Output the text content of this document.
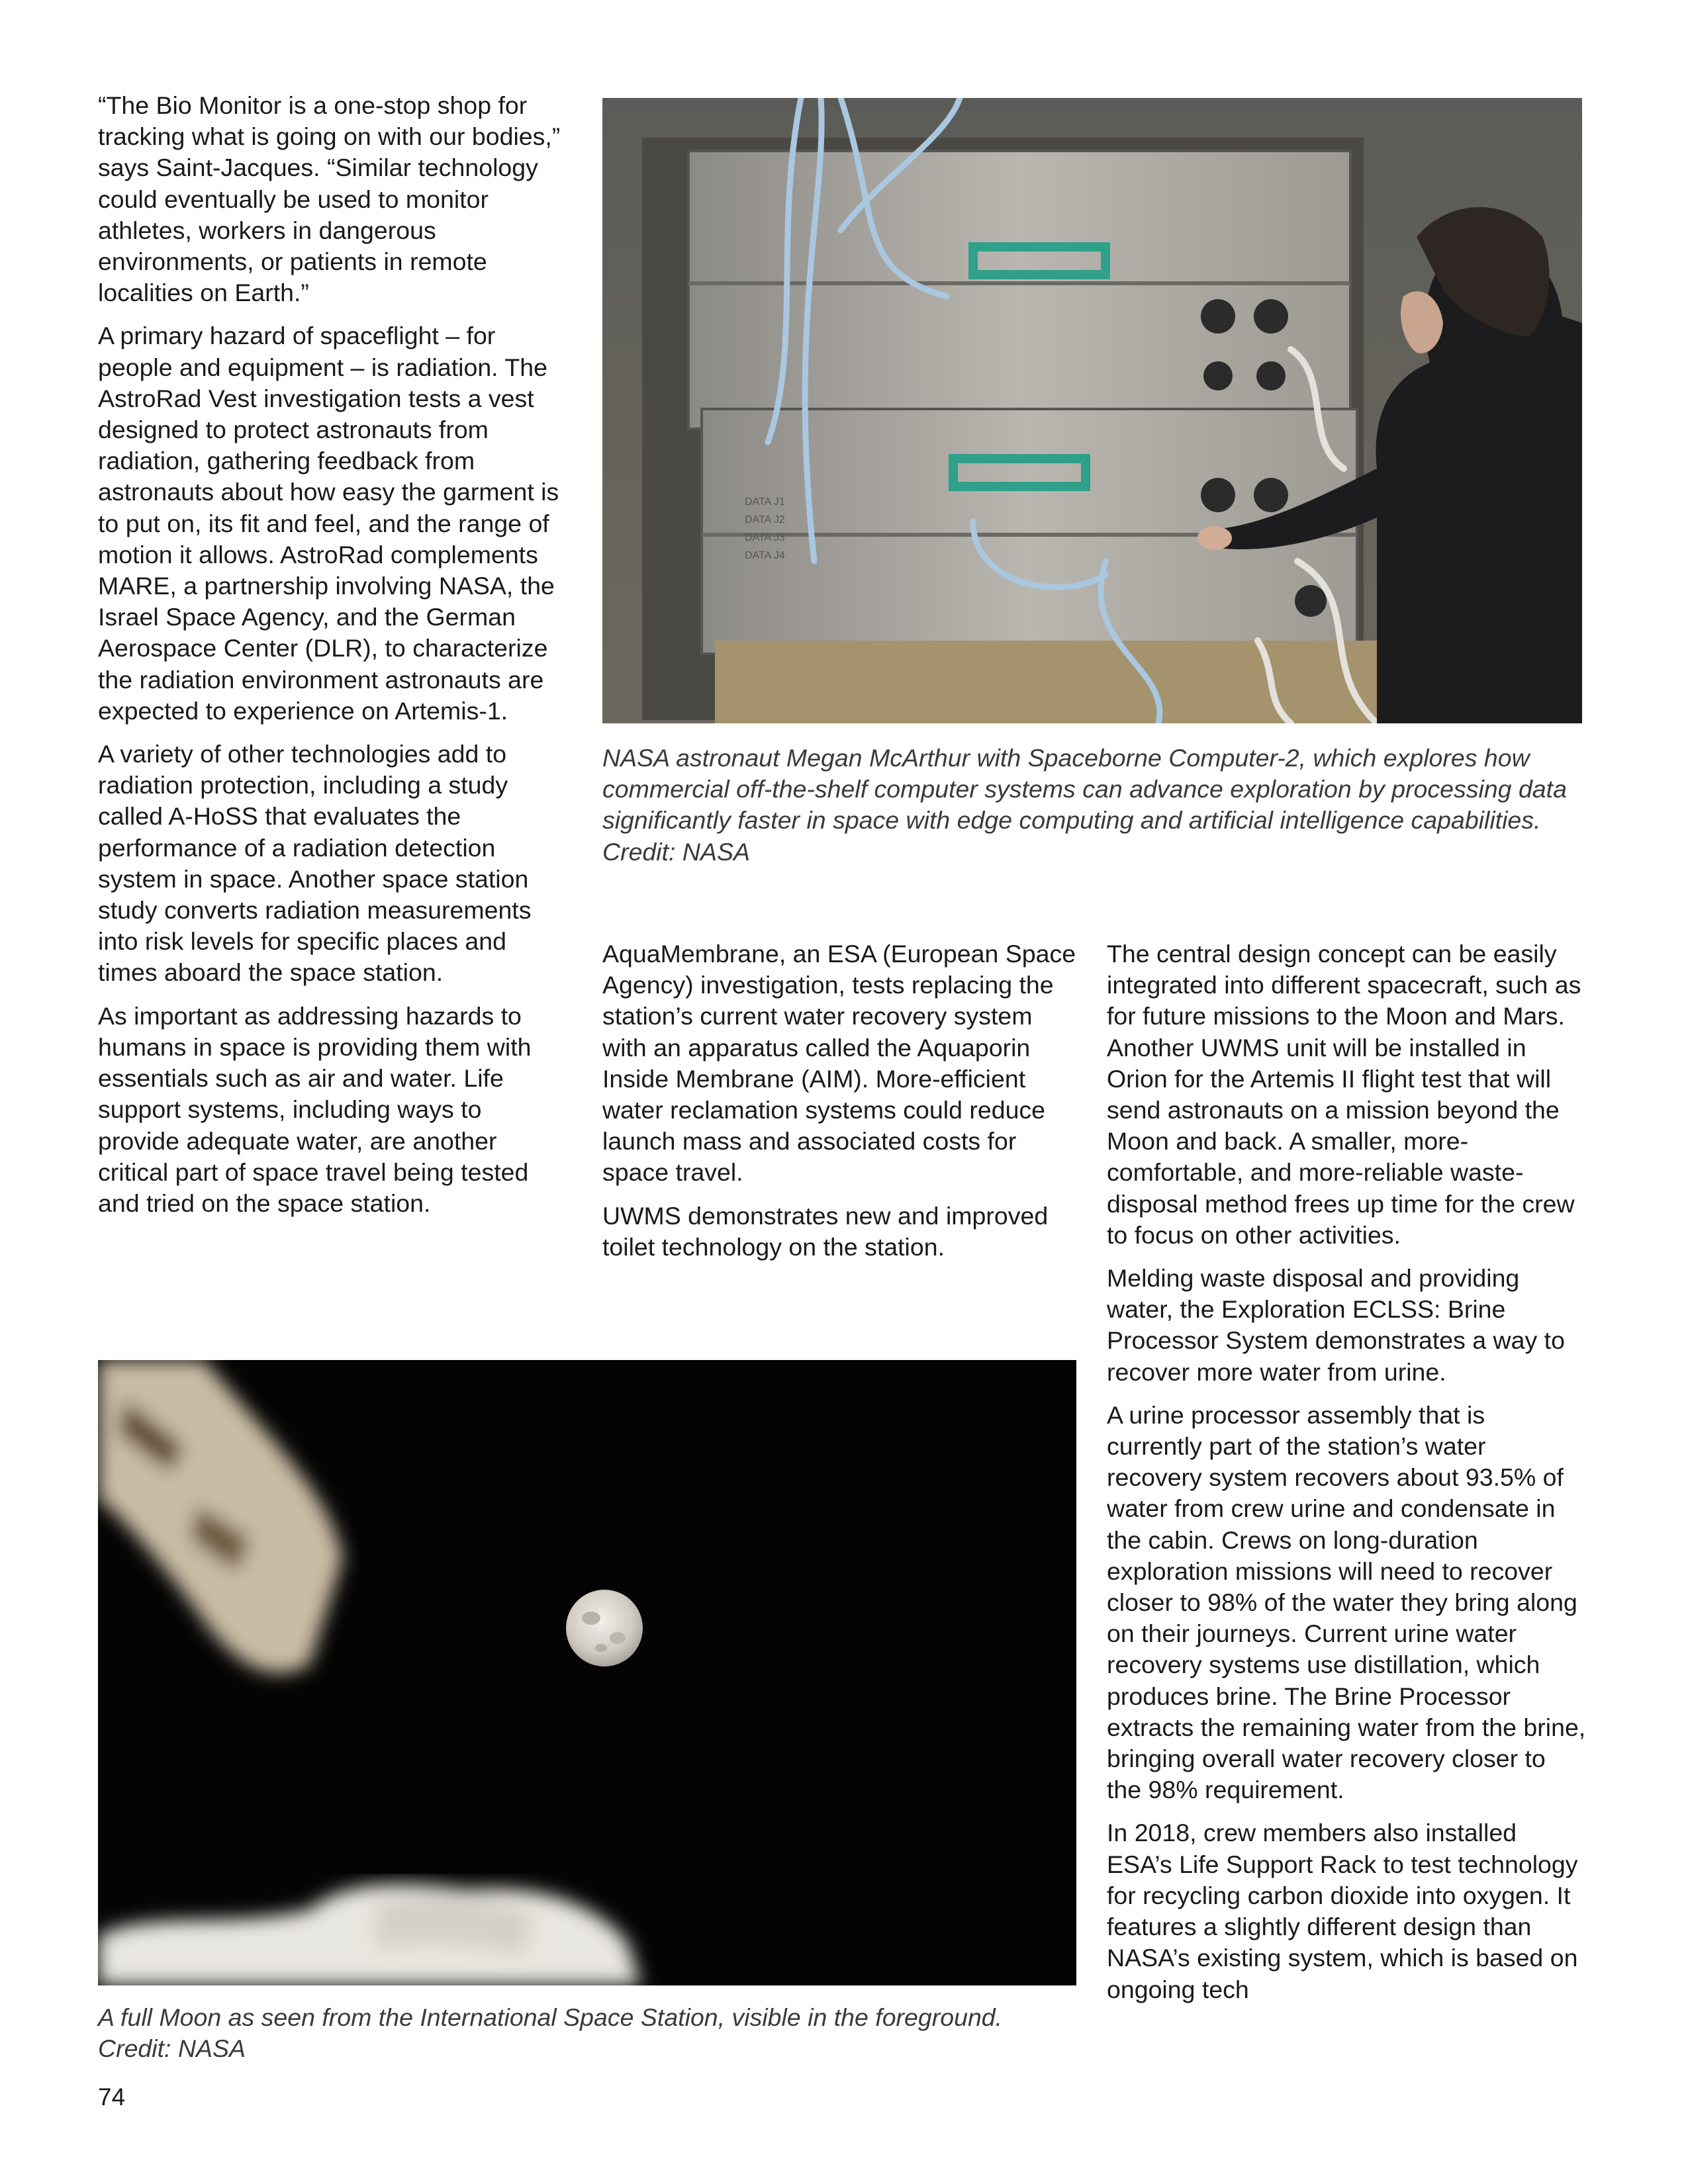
“The Bio Monitor is a one-stop shop for tracking what is going on with our bodies,” says Saint-Jacques. “Similar technology could eventually be used to monitor athletes, workers in dangerous environments, or patients in remote localities on Earth.”

A primary hazard of spaceflight – for people and equipment – is radiation. The AstroRad Vest investigation tests a vest designed to protect astronauts from radiation, gathering feedback from astronauts about how easy the garment is to put on, its fit and feel, and the range of motion it allows. AstroRad complements MARE, a partnership involving NASA, the Israel Space Agency, and the German Aerospace Center (DLR), to characterize the radiation environment astronauts are expected to experience on Artemis-1.

A variety of other technologies add to radiation protection, including a study called A-HoSS that evaluates the performance of a radiation detection system in space. Another space station study converts radiation measurements into risk levels for specific places and times aboard the space station.

As important as addressing hazards to humans in space is providing them with essentials such as air and water. Life support systems, including ways to provide adequate water, are another critical part of space travel being tested and tried on the space station.

DATA J1
DATA J2
DATA J3
DATA J4

NASA astronaut Megan McArthur with Spaceborne Computer-2, which explores how commercial off-the-shelf computer systems can advance exploration by processing data significantly faster in space with edge computing and artificial intelligence capabilities. Credit: NASA

AquaMembrane, an ESA (European Space Agency) investigation, tests replacing the station’s current water recovery system with an apparatus called the Aquaporin Inside Membrane (AIM). More-efficient water reclamation systems could reduce launch mass and associated costs for space travel.

UWMS demonstrates new and improved toilet technology on the station.

The central design concept can be easily integrated into different spacecraft, such as for future missions to the Moon and Mars. Another UWMS unit will be installed in Orion for the Artemis II flight test that will send astronauts on a mission beyond the Moon and back. A smaller, more-comfortable, and more-reliable waste-disposal method frees up time for the crew to focus on other activities.

Melding waste disposal and providing water, the Exploration ECLSS: Brine Processor System demonstrates a way to recover more water from urine.

A urine processor assembly that is currently part of the station’s water recovery system recovers about 93.5% of water from crew urine and condensate in the cabin. Crews on long-duration exploration missions will need to recover closer to 98% of the water they bring along on their journeys. Current urine water recovery systems use distillation, which produces brine. The Brine Processor extracts the remaining water from the brine, bringing overall water recovery closer to the 98% requirement.

In 2018, crew members also installed ESA’s Life Support Rack to test technology for recycling carbon dioxide into oxygen. It features a slightly different design than NASA’s existing system, which is based on ongoing tech

A full Moon as seen from the International Space Station, visible in the foreground. Credit: NASA

74
